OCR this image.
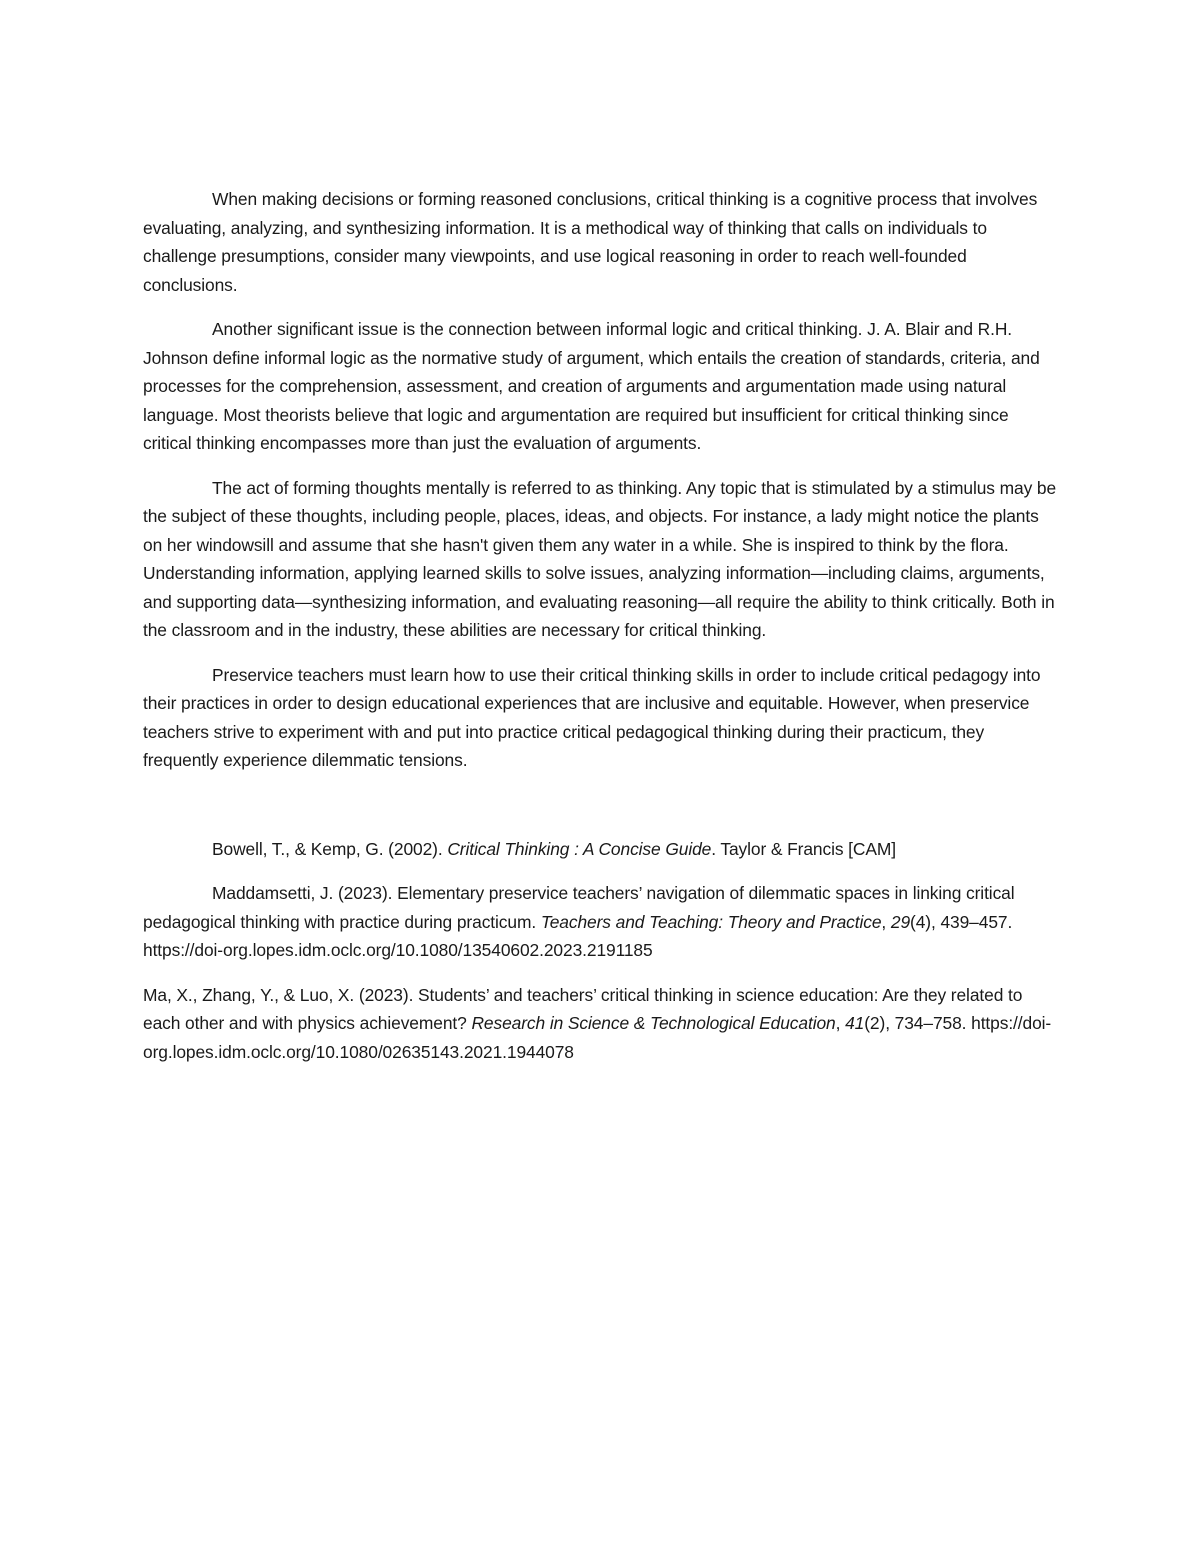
When making decisions or forming reasoned conclusions, critical thinking is a cognitive process that involves evaluating, analyzing, and synthesizing information. It is a methodical way of thinking that calls on individuals to challenge presumptions, consider many viewpoints, and use logical reasoning in order to reach well-founded conclusions.

Another significant issue is the connection between informal logic and critical thinking. J. A. Blair and R.H. Johnson define informal logic as the normative study of argument, which entails the creation of standards, criteria, and processes for the comprehension, assessment, and creation of arguments and argumentation made using natural language. Most theorists believe that logic and argumentation are required but insufficient for critical thinking since critical thinking encompasses more than just the evaluation of arguments.

The act of forming thoughts mentally is referred to as thinking. Any topic that is stimulated by a stimulus may be the subject of these thoughts, including people, places, ideas, and objects. For instance, a lady might notice the plants on her windowsill and assume that she hasn't given them any water in a while. She is inspired to think by the flora. Understanding information, applying learned skills to solve issues, analyzing information—including claims, arguments, and supporting data—synthesizing information, and evaluating reasoning—all require the ability to think critically. Both in the classroom and in the industry, these abilities are necessary for critical thinking.

Preservice teachers must learn how to use their critical thinking skills in order to include critical pedagogy into their practices in order to design educational experiences that are inclusive and equitable. However, when preservice teachers strive to experiment with and put into practice critical pedagogical thinking during their practicum, they frequently experience dilemmatic tensions.

Bowell, T., & Kemp, G. (2002). Critical Thinking : A Concise Guide. Taylor & Francis [CAM]

Maddamsetti, J. (2023). Elementary preservice teachers’ navigation of dilemmatic spaces in linking critical pedagogical thinking with practice during practicum. Teachers and Teaching: Theory and Practice, 29(4), 439–457. https://doi-org.lopes.idm.oclc.org/10.1080/13540602.2023.2191185

Ma, X., Zhang, Y., & Luo, X. (2023). Students’ and teachers’ critical thinking in science education: Are they related to each other and with physics achievement? Research in Science & Technological Education, 41(2), 734–758. https://doi-org.lopes.idm.oclc.org/10.1080/02635143.2021.1944078
